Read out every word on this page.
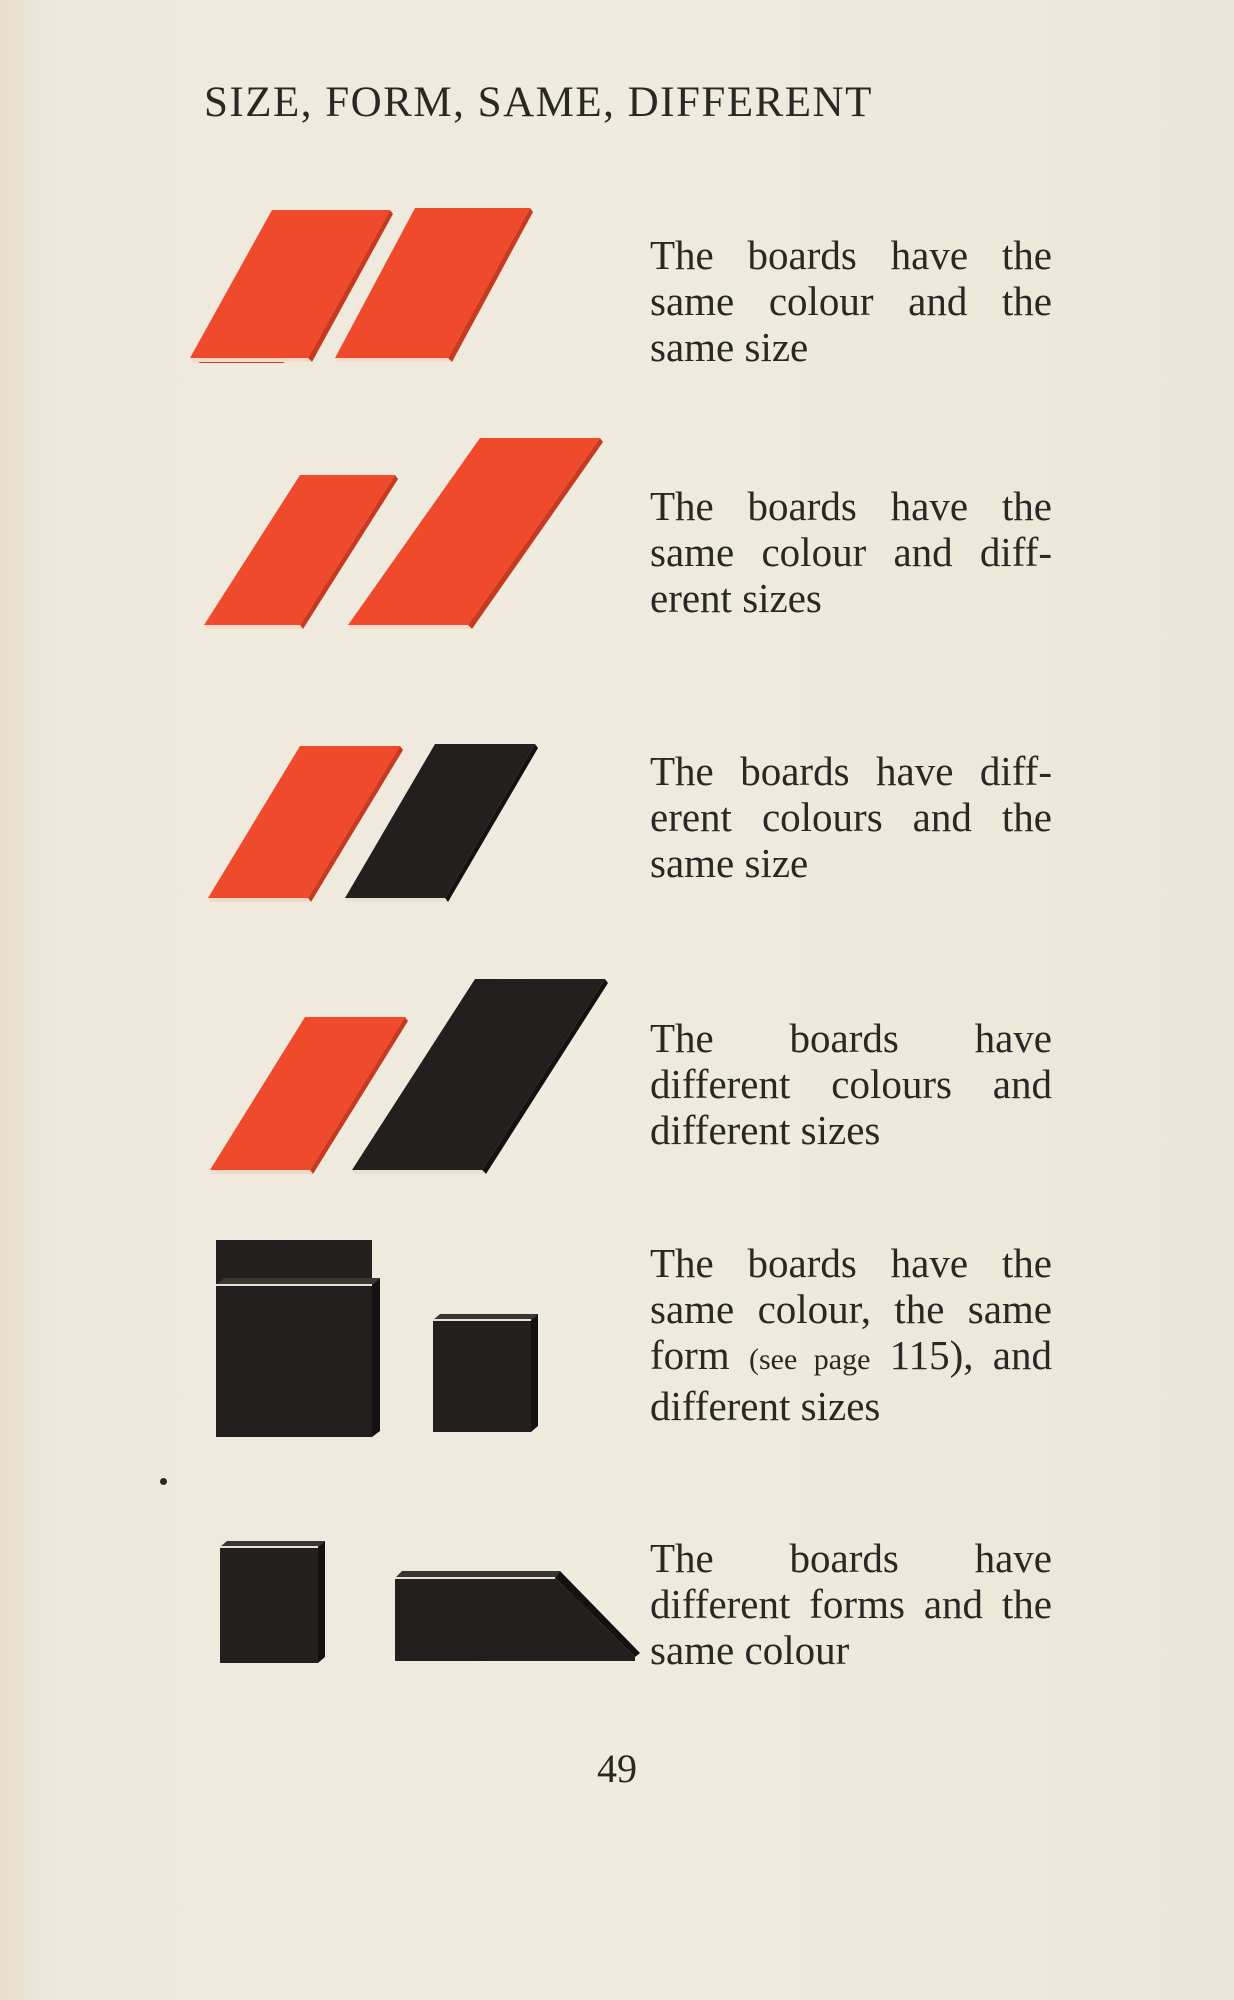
SIZE, FORM, SAME, DIFFERENT
The boards have the same colour and the same size
The boards have the same colour and diff-erent sizes
The boards have diff-erent colours and the same size
The boards have different colours and different sizes
The boards have the same colour, the same form (see page 115), and different sizes
The boards have different forms and the same colour
49
